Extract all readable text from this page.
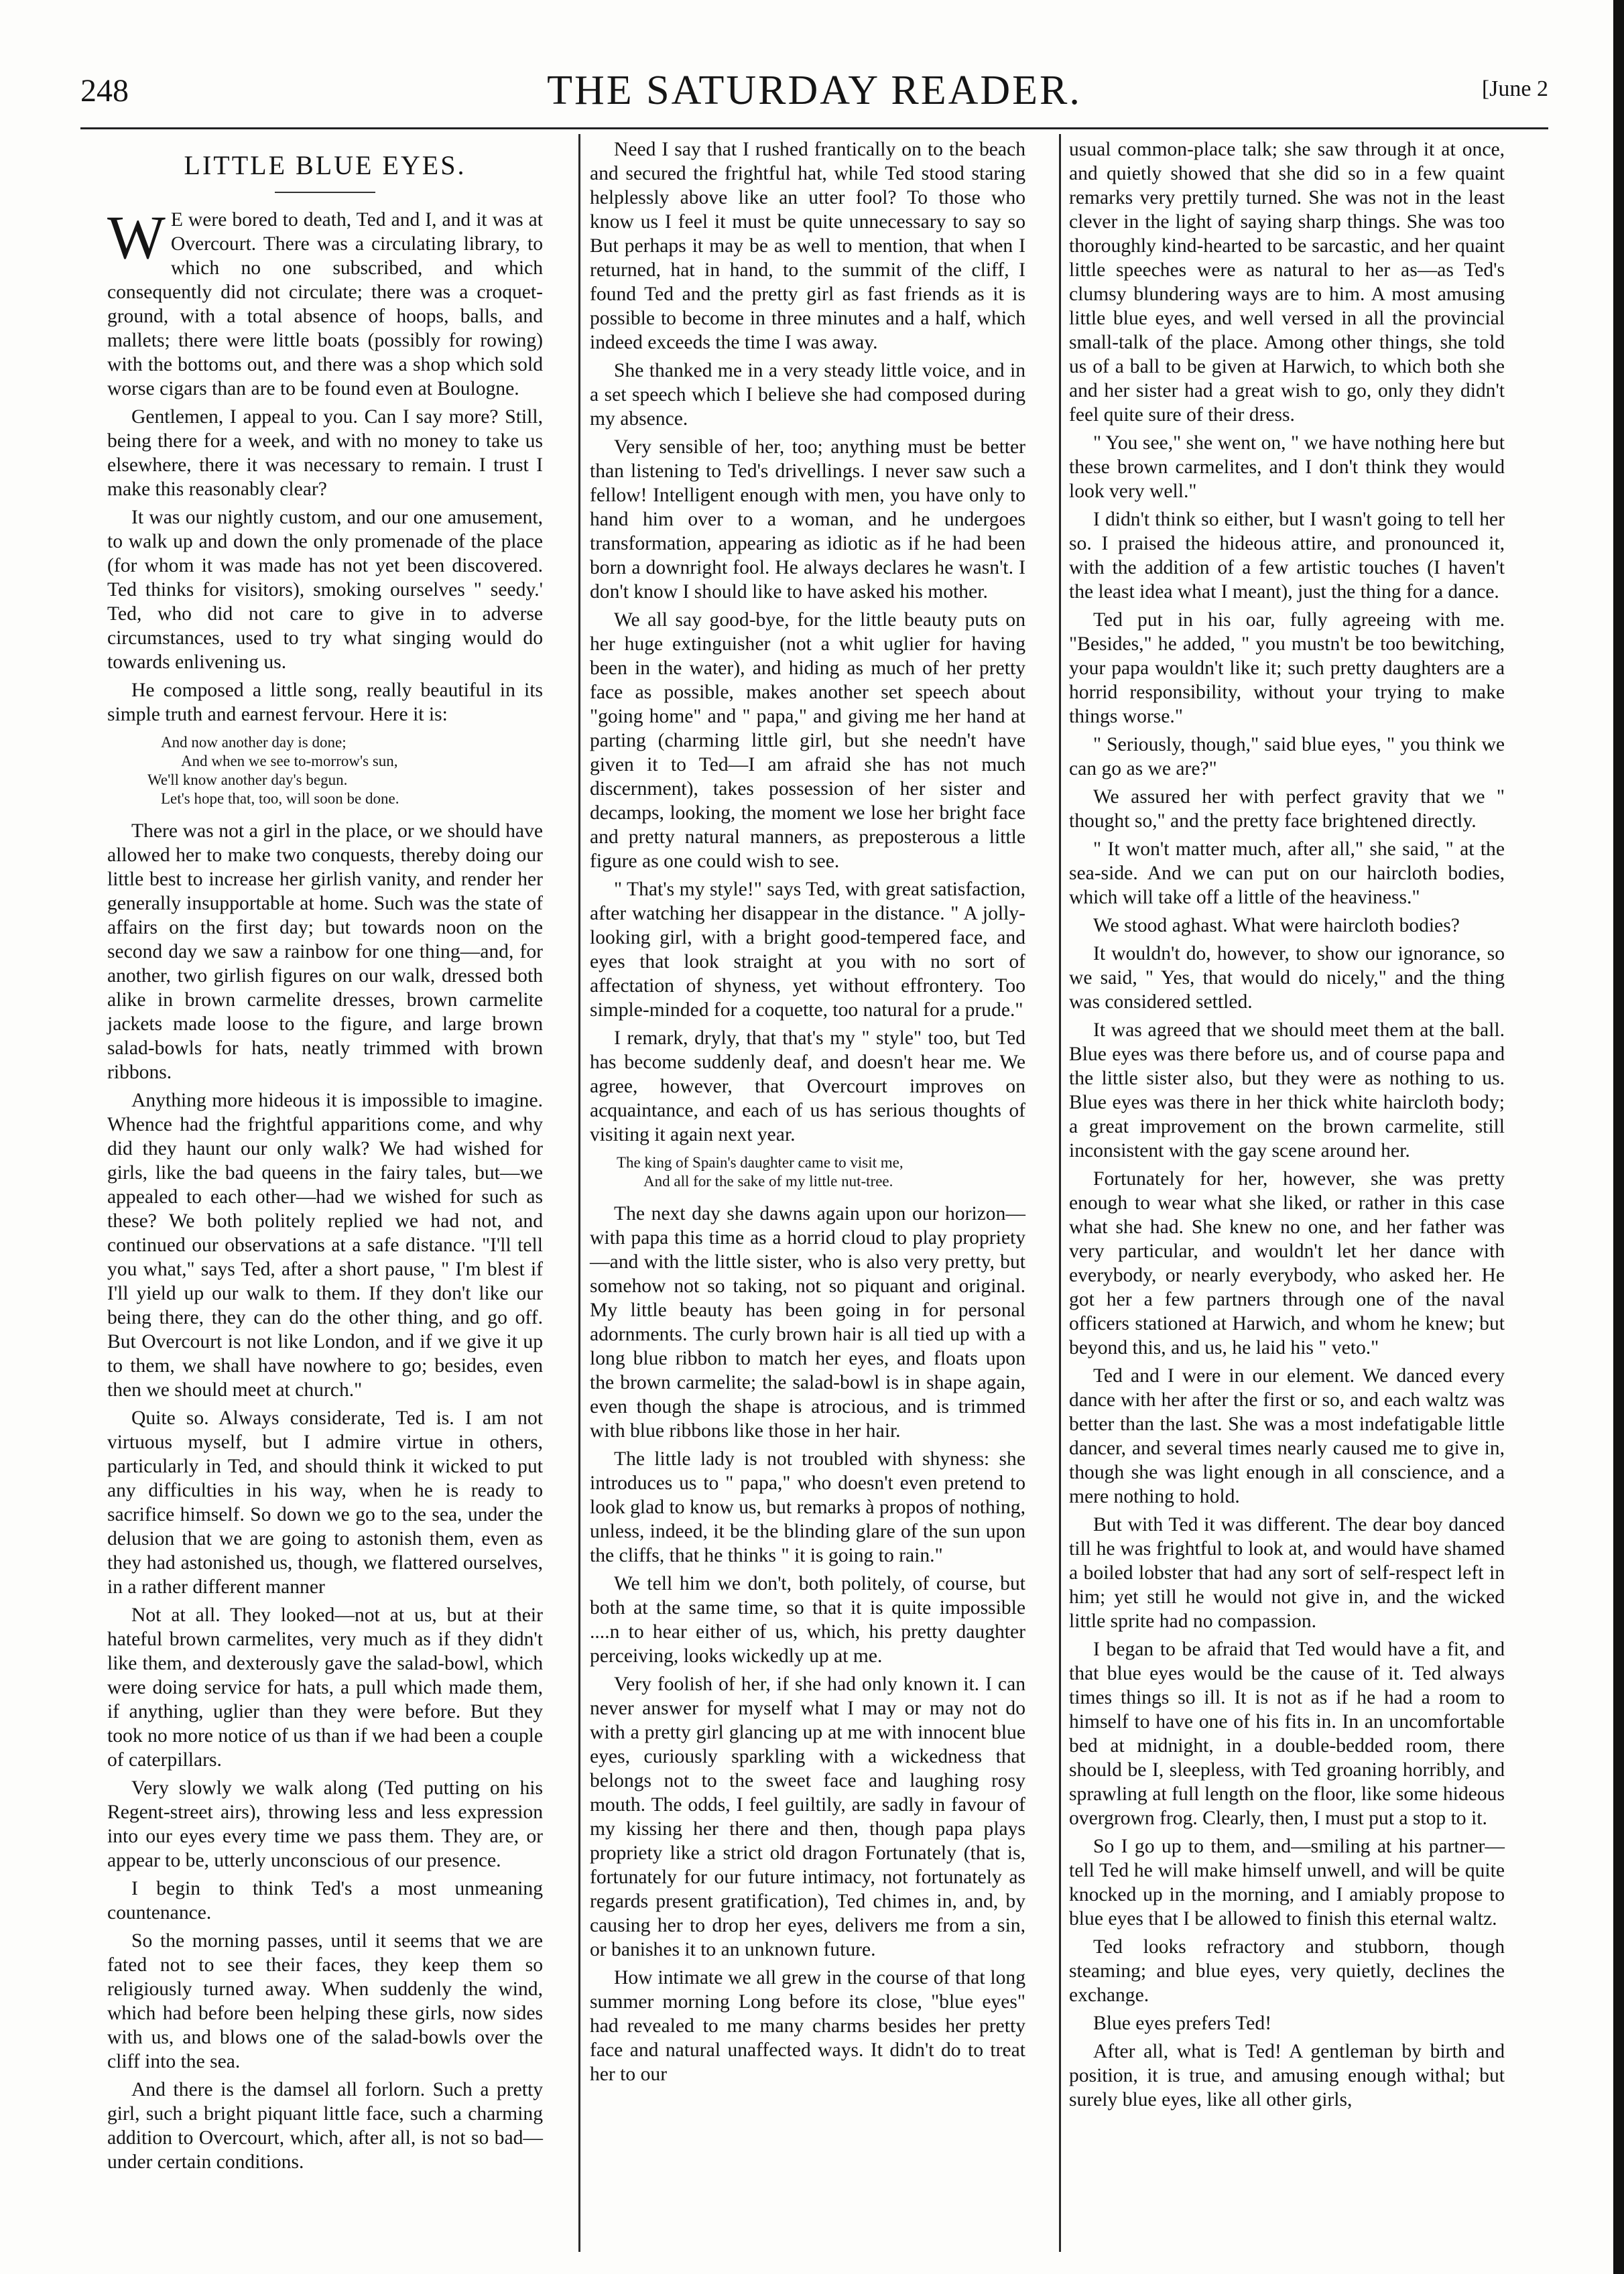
248	THE SATURDAY READER.	[June 2
LITTLE BLUE EYES.

W E were bored to death, Ted and I, and it was at Overcourt. There was a circulating library, to which no one subscribed, and which consequently did not circulate; there was a croquet-ground, with a total absence of hoops, balls, and mallets; there were little boats (possibly for rowing) with the bottoms out, and there was a shop which sold worse cigars than are to be found even at Boulogne.

Gentlemen, I appeal to you. Can I say more? Still, being there for a week, and with no money to take us elsewhere, there it was necessary to remain. I trust I make this reasonably clear?

It was our nightly custom, and our one amusement, to walk up and down the only promenade of the place (for whom it was made has not yet been discovered. Ted thinks for visitors), smoking ourselves " seedy.' Ted, who did not care to give in to adverse circumstances, used to try what singing would do towards enlivening us.

He composed a little song, really beautiful in its simple truth and earnest fervour. Here it is:

And now another day is done;

And when we see to-morrow's sun,

We'll know another day's begun.

Let's hope that, too, will soon be done.

There was not a girl in the place, or we should have allowed her to make two conquests, thereby doing our little best to increase her girlish vanity, and render her generally insupportable at home. Such was the state of affairs on the first day; but towards noon on the second day we saw a rainbow for one thing—and, for another, two girlish figures on our walk, dressed both alike in brown carmelite dresses, brown carmelite jackets made loose to the figure, and large brown salad-bowls for hats, neatly trimmed with brown ribbons.

Anything more hideous it is impossible to imagine. Whence had the frightful apparitions come, and why did they haunt our only walk? We had wished for girls, like the bad queens in the fairy tales, but—we appealed to each other—had we wished for such as these? We both politely replied we had not, and continued our observations at a safe distance. "I'll tell you what," says Ted, after a short pause, " I'm blest if I'll yield up our walk to them. If they don't like our being there, they can do the other thing, and go off. But Overcourt is not like London, and if we give it up to them, we shall have nowhere to go; besides, even then we should meet at church."

Quite so. Always considerate, Ted is. I am not virtuous myself, but I admire virtue in others, particularly in Ted, and should think it wicked to put any difficulties in his way, when he is ready to sacrifice himself. So down we go to the sea, under the delusion that we are going to astonish them, even as they had astonished us, though, we flattered ourselves, in a rather different manner

Not at all. They looked—not at us, but at their hateful brown carmelites, very much as if they didn't like them, and dexterously gave the salad-bowl, which were doing service for hats, a pull which made them, if anything, uglier than they were before. But they took no more notice of us than if we had been a couple of caterpillars.

Very slowly we walk along (Ted putting on his Regent-street airs), throwing less and less expression into our eyes every time we pass them. They are, or appear to be, utterly unconscious of our presence.

I begin to think Ted's a most unmeaning countenance.

So the morning passes, until it seems that we are fated not to see their faces, they keep them so religiously turned away. When suddenly the wind, which had before been helping these girls, now sides with us, and blows one of the salad-bowls over the cliff into the sea.

And there is the damsel all forlorn. Such a pretty girl, such a bright piquant little face, such a charming addition to Overcourt, which, after all, is not so bad—under certain conditions.

Need I say that I rushed frantically on to the beach and secured the frightful hat, while Ted stood staring helplessly above like an utter fool? To those who know us I feel it must be quite unnecessary to say so But perhaps it may be as well to mention, that when I returned, hat in hand, to the summit of the cliff, I found Ted and the pretty girl as fast friends as it is possible to become in three minutes and a half, which indeed exceeds the time I was away.

She thanked me in a very steady little voice, and in a set speech which I believe she had composed during my absence.

Very sensible of her, too; anything must be better than listening to Ted's drivellings. I never saw such a fellow! Intelligent enough with men, you have only to hand him over to a woman, and he undergoes transformation, appearing as idiotic as if he had been born a downright fool. He always declares he wasn't. I don't know I should like to have asked his mother.

We all say good-bye, for the little beauty puts on her huge extinguisher (not a whit uglier for having been in the water), and hiding as much of her pretty face as possible, makes another set speech about "going home" and " papa," and giving me her hand at parting (charming little girl, but she needn't have given it to Ted—I am afraid she has not much discernment), takes possession of her sister and decamps, looking, the moment we lose her bright face and pretty natural manners, as preposterous a little figure as one could wish to see.

" That's my style!" says Ted, with great satisfaction, after watching her disappear in the distance. " A jolly-looking girl, with a bright good-tempered face, and eyes that look straight at you with no sort of affectation of shyness, yet without effrontery. Too simple-minded for a coquette, too natural for a prude."

I remark, dryly, that that's my " style" too, but Ted has become suddenly deaf, and doesn't hear me. We agree, however, that Overcourt improves on acquaintance, and each of us has serious thoughts of visiting it again next year.

The king of Spain's daughter came to visit me,

And all for the sake of my little nut-tree.

The next day she dawns again upon our horizon—with papa this time as a horrid cloud to play propriety—and with the little sister, who is also very pretty, but somehow not so taking, not so piquant and original. My little beauty has been going in for personal adornments. The curly brown hair is all tied up with a long blue ribbon to match her eyes, and floats upon the brown carmelite; the salad-bowl is in shape again, even though the shape is atrocious, and is trimmed with blue ribbons like those in her hair.

The little lady is not troubled with shyness: she introduces us to " papa," who doesn't even pretend to look glad to know us, but remarks à propos of nothing, unless, indeed, it be the blinding glare of the sun upon the cliffs, that he thinks " it is going to rain."

We tell him we don't, both politely, of course, but both at the same time, so that it is quite impossible ....n to hear either of us, which, his pretty daughter perceiving, looks wickedly up at me.

Very foolish of her, if she had only known it. I can never answer for myself what I may or may not do with a pretty girl glancing up at me with innocent blue eyes, curiously sparkling with a wickedness that belongs not to the sweet face and laughing rosy mouth. The odds, I feel guiltily, are sadly in favour of my kissing her there and then, though papa plays propriety like a strict old dragon Fortunately (that is, fortunately for our future intimacy, not fortunately as regards present gratification), Ted chimes in, and, by causing her to drop her eyes, delivers me from a sin, or banishes it to an unknown future.

How intimate we all grew in the course of that long summer morning Long before its close, "blue eyes" had revealed to me many charms besides her pretty face and natural unaffected ways. It didn't do to treat her to our

usual common-place talk; she saw through it at once, and quietly showed that she did so in a few quaint remarks very prettily turned. She was not in the least clever in the light of saying sharp things. She was too thoroughly kind-hearted to be sarcastic, and her quaint little speeches were as natural to her as—as Ted's clumsy blundering ways are to him. A most amusing little blue eyes, and well versed in all the provincial small-talk of the place. Among other things, she told us of a ball to be given at Harwich, to which both she and her sister had a great wish to go, only they didn't feel quite sure of their dress.

" You see," she went on, " we have nothing here but these brown carmelites, and I don't think they would look very well."

I didn't think so either, but I wasn't going to tell her so. I praised the hideous attire, and pronounced it, with the addition of a few artistic touches (I haven't the least idea what I meant), just the thing for a dance.

Ted put in his oar, fully agreeing with me. "Besides," he added, " you mustn't be too bewitching, your papa wouldn't like it; such pretty daughters are a horrid responsibility, without your trying to make things worse."

" Seriously, though," said blue eyes, " you think we can go as we are?"

We assured her with perfect gravity that we " thought so," and the pretty face brightened directly.

" It won't matter much, after all," she said, " at the sea-side. And we can put on our haircloth bodies, which will take off a little of the heaviness."

We stood aghast. What were haircloth bodies?

It wouldn't do, however, to show our ignorance, so we said, " Yes, that would do nicely," and the thing was considered settled.

It was agreed that we should meet them at the ball. Blue eyes was there before us, and of course papa and the little sister also, but they were as nothing to us. Blue eyes was there in her thick white haircloth body; a great improvement on the brown carmelite, still inconsistent with the gay scene around her.

Fortunately for her, however, she was pretty enough to wear what she liked, or rather in this case what she had. She knew no one, and her father was very particular, and wouldn't let her dance with everybody, or nearly everybody, who asked her. He got her a few partners through one of the naval officers stationed at Harwich, and whom he knew; but beyond this, and us, he laid his " veto."

Ted and I were in our element. We danced every dance with her after the first or so, and each waltz was better than the last. She was a most indefatigable little dancer, and several times nearly caused me to give in, though she was light enough in all conscience, and a mere nothing to hold.

But with Ted it was different. The dear boy danced till he was frightful to look at, and would have shamed a boiled lobster that had any sort of self-respect left in him; yet still he would not give in, and the wicked little sprite had no compassion.

I began to be afraid that Ted would have a fit, and that blue eyes would be the cause of it. Ted always times things so ill. It is not as if he had a room to himself to have one of his fits in. In an uncomfortable bed at midnight, in a double-bedded room, there should be I, sleepless, with Ted groaning horribly, and sprawling at full length on the floor, like some hideous overgrown frog. Clearly, then, I must put a stop to it.

So I go up to them, and—smiling at his partner—tell Ted he will make himself unwell, and will be quite knocked up in the morning, and I amiably propose to blue eyes that I be allowed to finish this eternal waltz.

Ted looks refractory and stubborn, though steaming; and blue eyes, very quietly, declines the exchange.

Blue eyes prefers Ted!

After all, what is Ted! A gentleman by birth and position, it is true, and amusing enough withal; but surely blue eyes, like all other girls,
